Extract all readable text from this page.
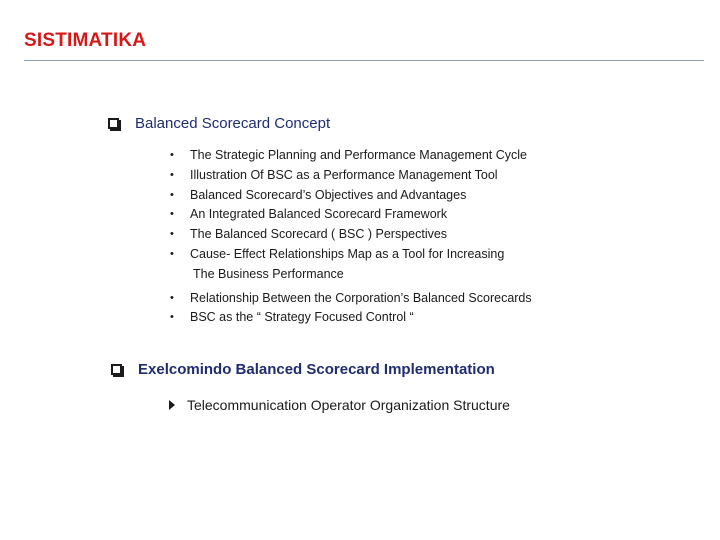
SISTIMATIKA
Balanced Scorecard Concept
• The Strategic Planning and Performance Management Cycle
• Illustration Of BSC as a Performance Management Tool
• Balanced Scorecard’s Objectives and Advantages
• An Integrated Balanced Scorecard Framework
• The Balanced Scorecard ( BSC ) Perspectives
• Cause- Effect Relationships Map as a Tool for Increasing
The Business Performance
• Relationship Between the Corporation’s Balanced Scorecards
• BSC as the “ Strategy Focused Control “
Exelcomindo Balanced Scorecard Implementation
Telecommunication Operator Organization Structure
